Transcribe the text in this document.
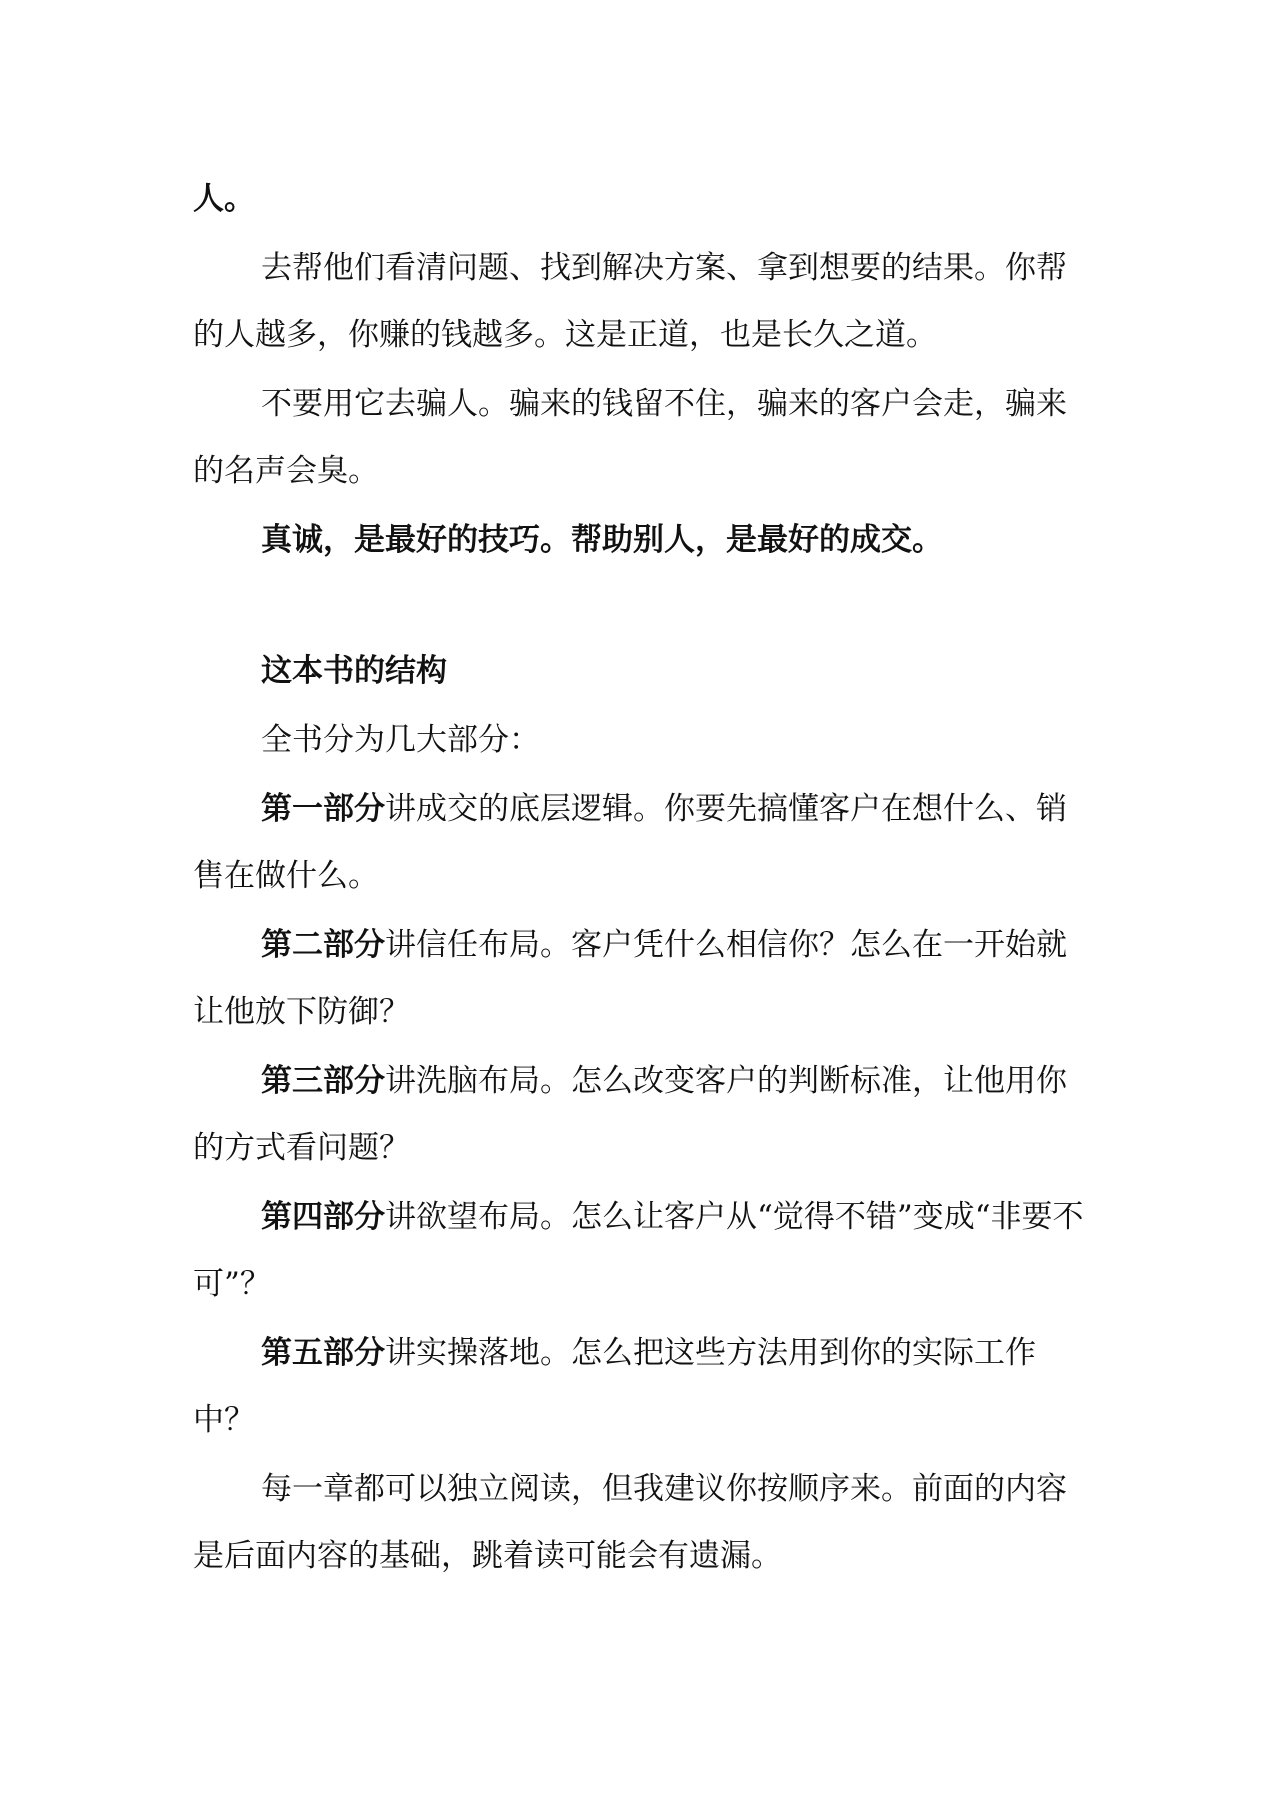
人。

去帮他们看清问题、找到解决方案、拿到想要的结果。你帮的人越多，你赚的钱越多。这是正道，也是长久之道。

不要用它去骗人。骗来的钱留不住，骗来的客户会走，骗来的名声会臭。

真诚，是最好的技巧。帮助别人，是最好的成交。

这本书的结构

全书分为几大部分：

第一部分讲成交的底层逻辑。你要先搞懂客户在想什么、销售在做什么。

第二部分讲信任布局。客户凭什么相信你？怎么在一开始就让他放下防御？

第三部分讲洗脑布局。怎么改变客户的判断标准，让他用你的方式看问题？

第四部分讲欲望布局。怎么让客户从“觉得不错”变成“非要不可”？

第五部分讲实操落地。怎么把这些方法用到你的实际工作中？

每一章都可以独立阅读，但我建议你按顺序来。前面的内容是后面内容的基础，跳着读可能会有遗漏。
